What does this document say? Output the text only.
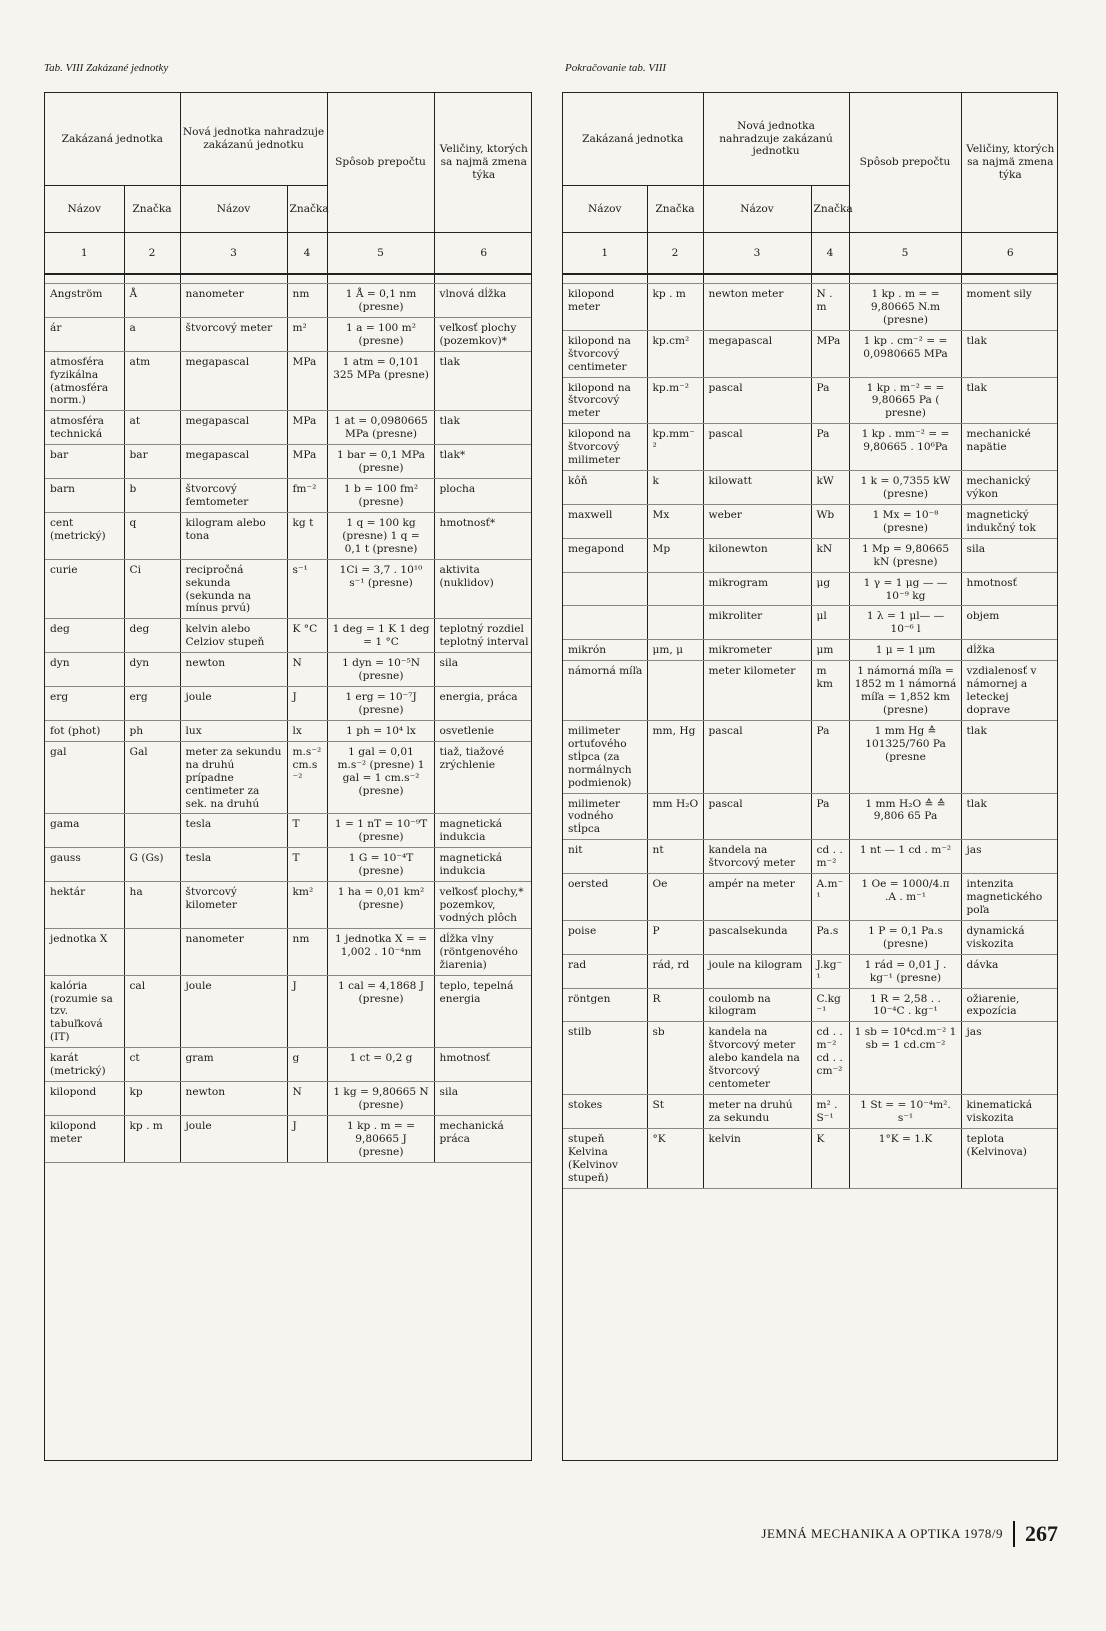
Tab. VIII Zakázané jednotky	Pokračovanie tab. VIII
Zakázaná jednotka		Nová jednotka nahradzuje zakázanú jednotku		Spôsob prepočtu	Veličiny, ktorých sa najmä zmena týka
Názov	Značka	Názov	Značka		
1	2	3	4	5	6

Angström	Å	nanometer	nm	1 Å = 0,1 nm (presne)	vlnová dĺžka
ár	a	štvorcový meter	m²	1 a = 100 m² (presne)	veľkosť plochy (pozemkov)*
atmosféra fyzikálna (atmosféra norm.)	atm	megapascal	MPa	1 atm = 0,101 325 MPa (presne)	tlak
atmosféra technická	at	megapascal	MPa	1 at = 0,0980665 MPa (presne)	tlak
bar	bar	megapascal	MPa	1 bar = 0,1 MPa (presne)	tlak*
barn	b	štvorcový femtometer	fm⁻²	1 b = 100 fm² (presne)	plocha
cent (metrický)	q	kilogram alebo tona	kg t	1 q = 100 kg (presne) 1 q = 0,1 t (presne)	hmotnosť*
curie	Ci	recipročná sekunda (sekunda na mínus prvú)	s⁻¹	1Ci = 3,7 . 10¹⁰ s⁻¹ (presne)	aktivita (nuklidov)
deg	deg	kelvin alebo Celziov stupeň	K °C	1 deg = 1 K 1 deg = 1 °C	teplotný rozdiel teplotný interval
dyn	dyn	newton	N	1 dyn = 10⁻⁵N (presne)	sila
erg	erg	joule	J	1 erg = 10⁻⁷J (presne)	energia, práca
fot (phot)	ph	lux	lx	1 ph = 10⁴ lx	osvetlenie
gal	Gal	meter za sekundu na druhú prípadne centimeter za sek. na druhú	m.s⁻² cm.s⁻²	1 gal = 0,01 m.s⁻² (presne) 1 gal = 1 cm.s⁻² (presne)	tiaž, tiažové zrýchlenie
gama		tesla	T	1 = 1 nT = 10⁻⁹T (presne)	magnetická indukcia
gauss	G (Gs)	tesla	T	1 G = 10⁻⁴T (presne)	magnetická indukcia
hektár	ha	štvorcový kilometer	km²	1 ha = 0,01 km² (presne)	veľkosť plochy,* pozemkov, vodných plôch
jednotka X		nanometer	nm	1 jednotka X = = 1,002 . 10⁻⁴nm	dĺžka vlny (röntgenového žiarenia)
kalória (rozumie sa tzv. tabuľková (IT)	cal	joule	J	1 cal = 4,1868 J (presne)	teplo, tepelná energia
karát (metrický)	ct	gram	g	1 ct = 0,2 g	hmotnosť
kilopond	kp	newton	N	1 kg = 9,80665 N (presne)	sila
kilopond meter	kp . m	joule	J	1 kp . m = = 9,80665 J (presne)	mechanická práca
Zakázaná jednotka		Nová jednotka nahradzuje zakázanú jednotku		Spôsob prepočtu	Veličiny, ktorých sa najmä zmena týka
Názov	Značka	Názov	Značka		
1	2	3	4	5	6

kilopond meter	kp . m	newton meter	N . m	1 kp . m = = 9,80665 N.m (presne)	moment sily
kilopond na štvorcový centimeter	kp.cm²	megapascal	MPa	1 kp . cm⁻² = = 0,0980665 MPa	tlak
kilopond na štvorcový meter	kp.m⁻²	pascal	Pa	1 kp . m⁻² = = 9,80665 Pa ( presne)	tlak
kilopond na štvorcový milimeter	kp.mm⁻²	pascal	Pa	1 kp . mm⁻² = = 9,80665 . 10⁶Pa	mechanické napätie
kôň	k	kilowatt	kW	1 k = 0,7355 kW (presne)	mechanický výkon
maxwell	Mx	weber	Wb	1 Mx = 10⁻⁸ (presne)	magnetický indukčný tok
megapond	Mp	kilonewton	kN	1 Mp = 9,80665 kN (presne)	sila
		mikrogram	μg	1 γ = 1 μg — — 10⁻⁹ kg	hmotnosť
		mikroliter	μl	1 λ = 1 μl— — 10⁻⁶ l	objem
mikrón	μm, μ	mikrometer	μm	1 μ = 1 μm	dĺžka
námorná míľa		meter kilometer	m km	1 námorná míľa = 1852 m 1 námorná míľa = 1,852 km (presne)	vzdialenosť v námornej a leteckej doprave
milimeter ortuťového stĺpca (za normálnych podmienok)	mm, Hg	pascal	Pa	1 mm Hg ≙ 101325/760 Pa (presne	tlak
milimeter vodného stĺpca	mm H₂O	pascal	Pa	1 mm H₂O ≙ ≙ 9,806 65 Pa	tlak
nit	nt	kandela na štvorcový meter	cd . . m⁻²	1 nt — 1 cd . m⁻²	jas
oersted	Oe	ampér na meter	A.m⁻¹	1 Oe = 1000/4.π .A . m⁻¹	intenzita magnetického poľa
poise	P	pascalsekunda	Pa.s	1 P = 0,1 Pa.s (presne)	dynamická viskozita
rad	rád, rd	joule na kilogram	J.kg⁻¹	1 rád = 0,01 J . kg⁻¹ (presne)	dávka
röntgen	R	coulomb na kilogram	C.kg⁻¹	1 R = 2,58 . . 10⁻⁴C . kg⁻¹	ožiarenie, expozícia
stilb	sb	kandela na štvorcový meter alebo kandela na štvorcový centometer	cd . . m⁻² cd . . cm⁻²	1 sb = 10⁴cd.m⁻² 1 sb = 1 cd.cm⁻²	jas
stokes	St	meter na druhú za sekundu	m² . S⁻¹	1 St = = 10⁻⁴m². s⁻¹	kinematická viskozita
stupeň Kelvina (Kelvinov stupeň)	°K	kelvin	K	1°K = 1.K	teplota (Kelvinova)
JEMNÁ MECHANIKA A OPTIKA 1978/9 267
